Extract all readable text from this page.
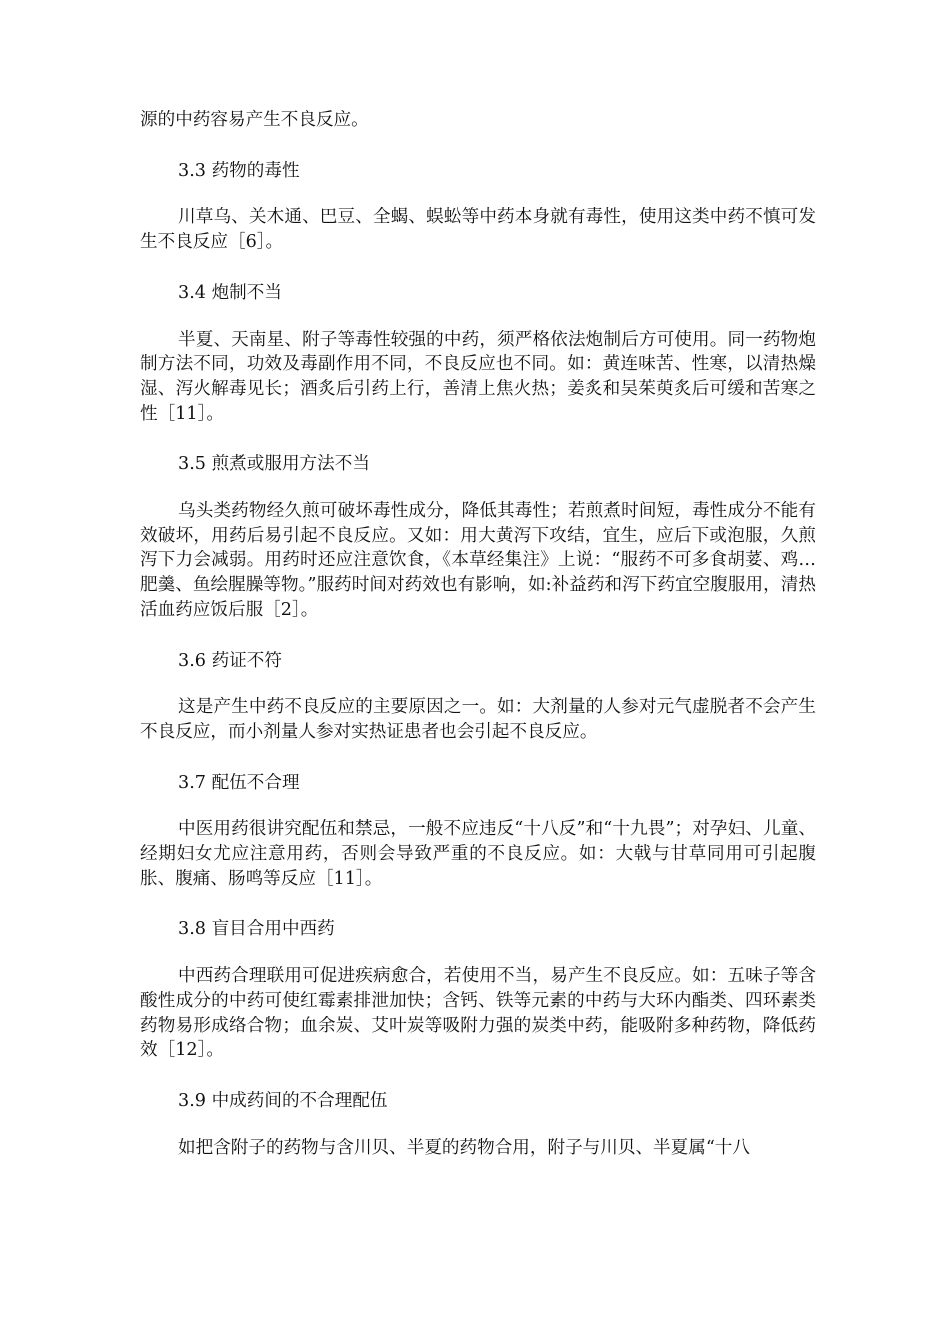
源的中药容易产生不良反应。

3.3 药物的毒性

川草乌、关木通、巴豆、全蝎、蜈蚣等中药本身就有毒性，使用这类中药不慎可发生不良反应［6］。

3.4 炮制不当

半夏、天南星、附子等毒性较强的中药，须严格依法炮制后方可使用。同一药物炮制方法不同，功效及毒副作用不同，不良反应也不同。如：黄连味苦、性寒，以清热燥湿、泻火解毒见长；酒炙后引药上行，善清上焦火热；姜炙和吴茱萸炙后可缓和苦寒之性［11］。

3.5 煎煮或服用方法不当

乌头类药物经久煎可破坏毒性成分，降低其毒性；若煎煮时间短，毒性成分不能有效破坏，用药后易引起不良反应。又如：用大黄泻下攻结，宜生，应后下或泡服，久煎泻下力会减弱。用药时还应注意饮食，《本草经集注》上说：“服药不可多食胡荽、鸡…肥羹、鱼绘腥臊等物。”服药时间对药效也有影响，如:补益药和泻下药宜空腹服用，清热活血药应饭后服［2］。

3.6 药证不符

这是产生中药不良反应的主要原因之一。如：大剂量的人参对元气虚脱者不会产生不良反应，而小剂量人参对实热证患者也会引起不良反应。

3.7 配伍不合理

中医用药很讲究配伍和禁忌，一般不应违反“十八反”和“十九畏”；对孕妇、儿童、经期妇女尤应注意用药，否则会导致严重的不良反应。如：大戟与甘草同用可引起腹胀、腹痛、肠鸣等反应［11］。

3.8 盲目合用中西药

中西药合理联用可促进疾病愈合，若使用不当，易产生不良反应。如：五味子等含酸性成分的中药可使红霉素排泄加快；含钙、铁等元素的中药与大环内酯类、四环素类药物易形成络合物；血余炭、艾叶炭等吸附力强的炭类中药，能吸附多种药物，降低药效［12］。

3.9 中成药间的不合理配伍

如把含附子的药物与含川贝、半夏的药物合用，附子与川贝、半夏属“十八
